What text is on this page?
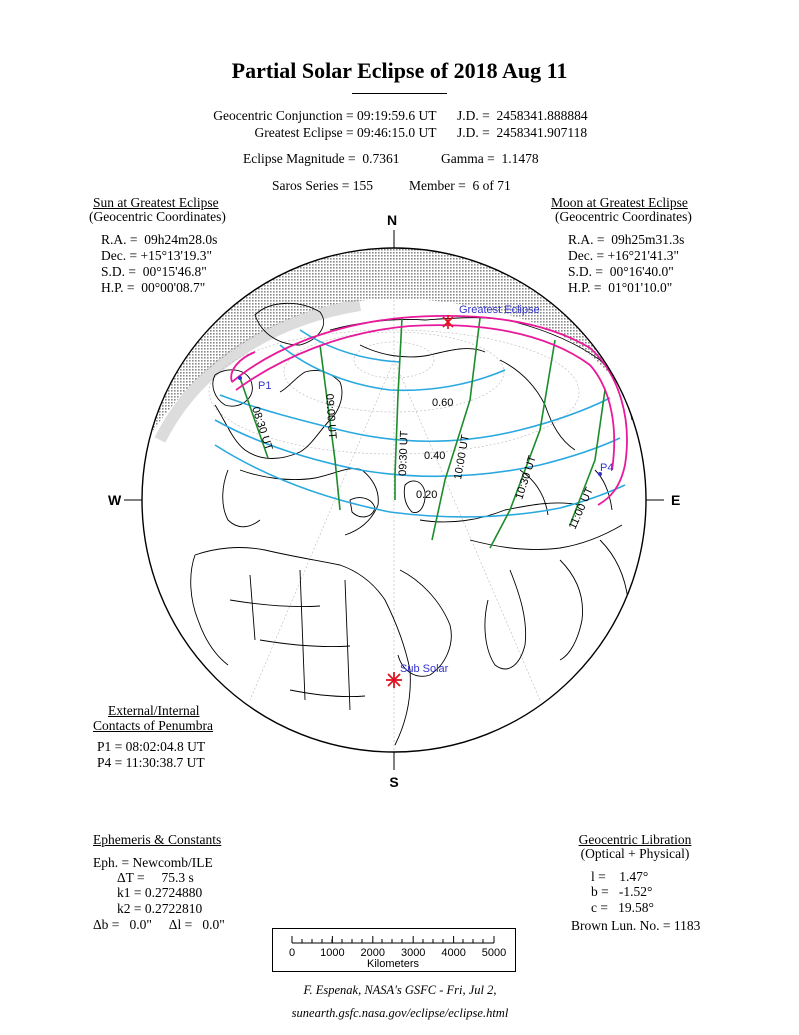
Partial Solar Eclipse of 2018 Aug 11
Geocentric Conjunction = 09:19:59.6 UT J.D. =  2458341.888884
Greatest Eclipse = 09:46:15.0 UT J.D. =  2458341.907118
Eclipse Magnitude =  0.7361	Gamma =  1.1478
Saros Series = 155	Member =  6 of 71
Sun at Greatest Eclipse
(Geocentric Coordinates)
R.A. =  09h24m28.0s
Dec. = +15°13'19.3"
S.D. =  00°15'46.8"
H.P. =  00°00'08.7"
Moon at Greatest Eclipse
(Geocentric Coordinates)
R.A. =  09h25m31.3s
Dec. = +16°21'41.3"
S.D. =  00°16'40.0"
H.P. =  01°01'10.0"
N
S
W	E
Greatest Eclipse
Sub Solar
P1
P4
0.60
0.40
0.20
08:30 UT	09:00 UT
09:30 UT	10:00 UT	10:30 UT
11:00 UT
External/Internal
Contacts of Penumbra
P1 = 08:02:04.8 UT
P4 = 11:30:38.7 UT
Ephemeris & Constants
Eph. = Newcomb/ILE
ΔT =     75.3 s
k1 = 0.2724880
k2 = 0.2722810
Δb =   0.0"     Δl =   0.0"
Geocentric Libration
(Optical + Physical)
l =    1.47°
b =   -1.52°
c =   19.58°
Brown Lun. No. = 1183
0 1000 2000 3000 4000 5000
Kilometers
F. Espenak, NASA's GSFC - Fri, Jul 2,
sunearth.gsfc.nasa.gov/eclipse/eclipse.html
